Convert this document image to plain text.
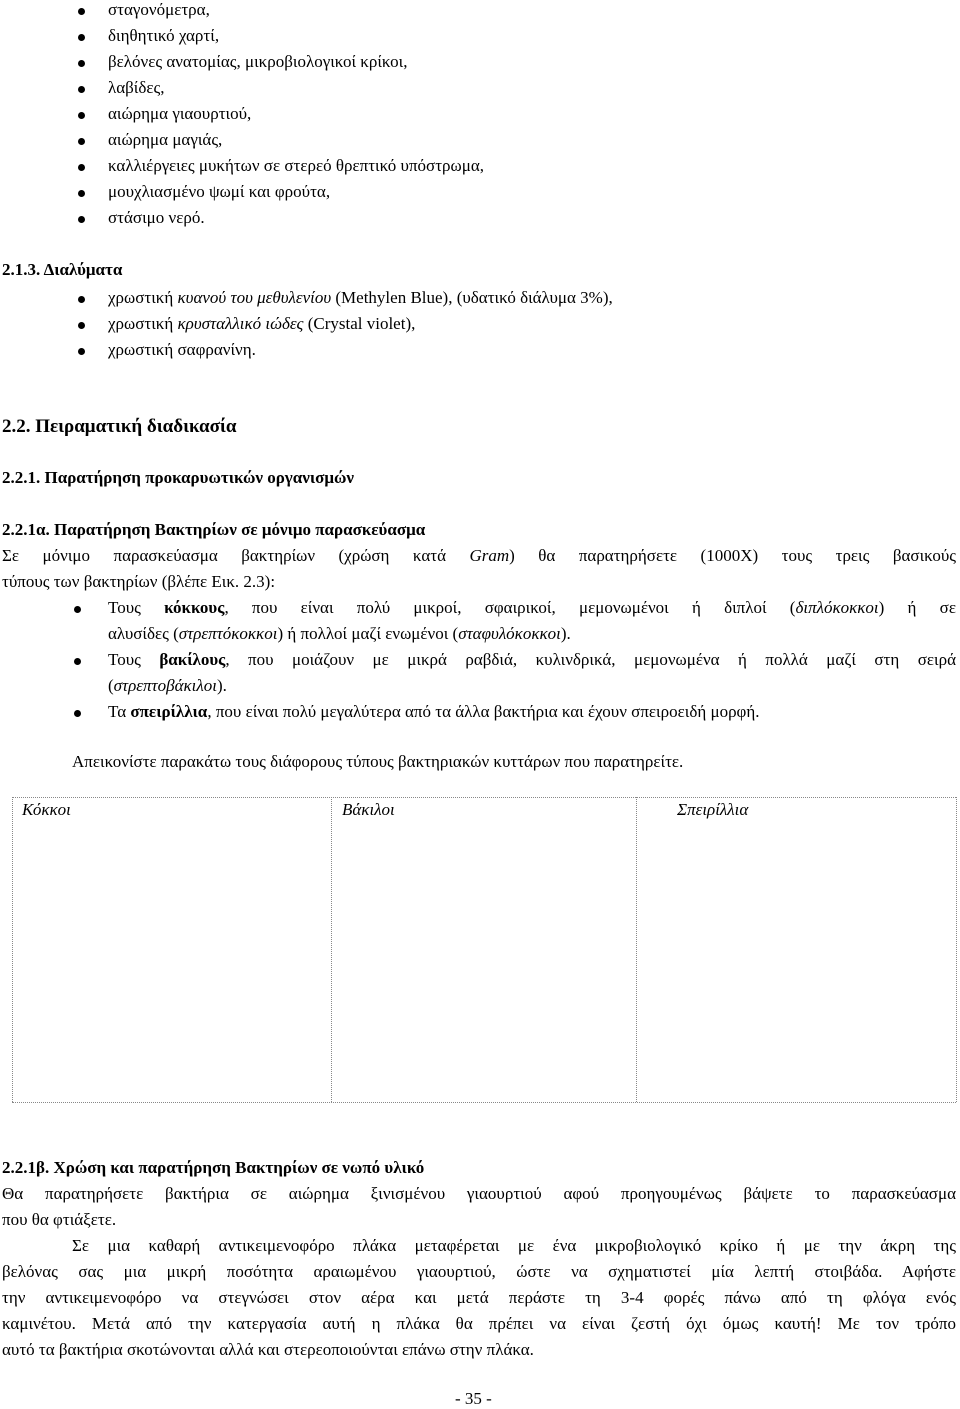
σταγονόμετρα,
διηθητικό χαρτί,
βελόνες ανατομίας, μικροβιολογικοί κρίκοι,
λαβίδες,
αιώρημα γιαουρτιού,
αιώρημα μαγιάς,
καλλιέργειες μυκήτων σε στερεό θρεπτικό υπόστρωμα,
μουχλιασμένο ψωμί και φρούτα,
στάσιμο νερό.
2.1.3. Διαλύματα
χρωστική κυανού του μεθυλενίου (Methylen Blue), (υδατικό διάλυμα 3%),
χρωστική κρυσταλλικό ιώδες (Crystal violet),
χρωστική σαφρανίνη.
2.2. Πειραματική διαδικασία
2.2.1. Παρατήρηση προκαρυωτικών οργανισμών
2.2.1α. Παρατήρηση Βακτηρίων σε μόνιμο παρασκεύασμα
Σε μόνιμο παρασκεύασμα βακτηρίων (χρώση κατά Gram) θα παρατηρήσετε (1000Χ) τους τρεις βασικούς
τύπους των βακτηρίων (βλέπε Εικ. 2.3):
Τους κόκκους, που είναι πολύ μικροί, σφαιρικοί, μεμονωμένοι ή διπλοί (διπλόκοκκοι) ή σε
αλυσίδες (στρεπτόκοκκοι) ή πολλοί μαζί ενωμένοι (σταφυλόκοκκοι).
Τους βακίλους, που μοιάζουν με μικρά ραβδιά, κυλινδρικά, μεμονωμένα ή πολλά μαζί στη σειρά
(στρεπτοβάκιλοι).
Τα σπειρίλλια, που είναι πολύ μεγαλύτερα από τα άλλα βακτήρια και έχουν σπειροειδή μορφή.
Απεικονίστε παρακάτω τους διάφορους τύπους βακτηριακών κυττάρων που παρατηρείτε.
Κόκκοι	Βάκιλοι	Σπειρίλλια
2.2.1β. Χρώση και παρατήρηση Βακτηρίων σε νωπό υλικό
Θα παρατηρήσετε βακτήρια σε αιώρημα ξινισμένου γιαουρτιού αφού προηγουμένως βάψετε το παρασκεύασμα
που θα φτιάξετε.
Σε μια καθαρή αντικειμενοφόρο πλάκα μεταφέρεται με ένα μικροβιολογικό κρίκο ή με την άκρη της
βελόνας σας μια μικρή ποσότητα αραιωμένου γιαουρτιού, ώστε να σχηματιστεί μία λεπτή στοιβάδα. Αφήστε
την αντικειμενοφόρο να στεγνώσει στον αέρα και μετά περάστε τη 3-4 φορές πάνω από τη φλόγα ενός
καμινέτου. Μετά από την κατεργασία αυτή η πλάκα θα πρέπει να είναι ζεστή όχι όμως καυτή! Με τον τρόπο
αυτό τα βακτήρια σκοτώνονται αλλά και στερεοποιούνται επάνω στην πλάκα.
- 35 -
